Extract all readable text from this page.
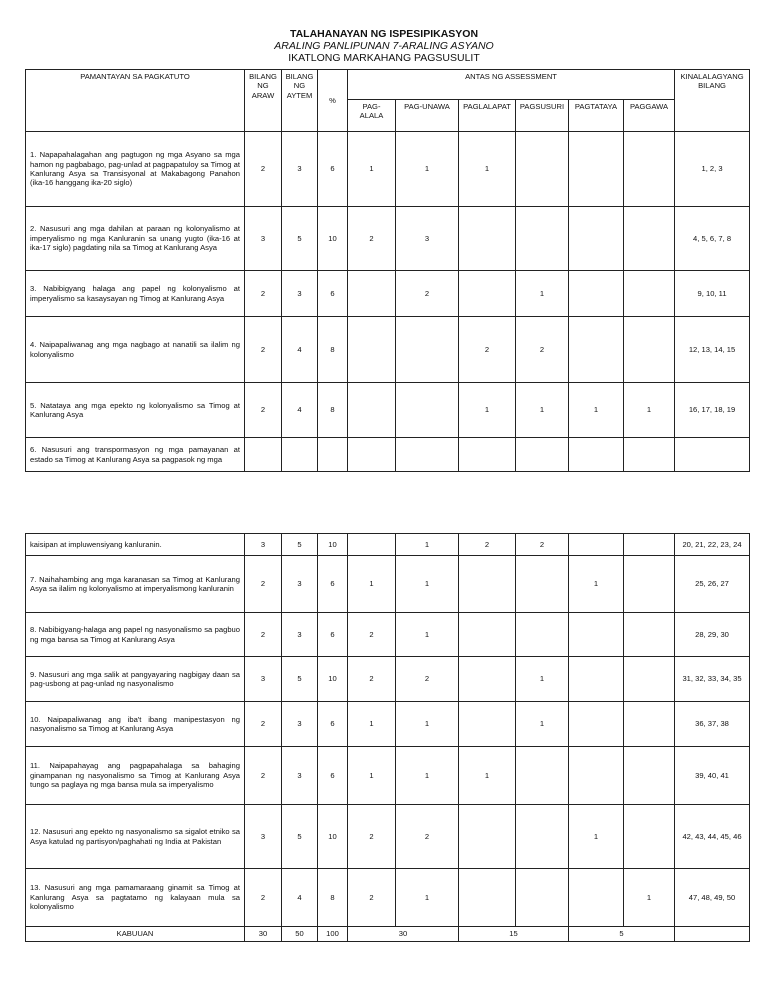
TALAHANAYAN NG ISPESIPIKASYON
ARALING PANLIPUNAN 7-ARALING ASYANO
IKATLONG MARKAHANG PAGSUSULIT
PAMANTAYAN SA PAGKATUTO	BILANG NG ARAW	BILANG NG AYTEM	%	ANTAS NG ASSESSMENT						KINALALAGYANG BILANG
				PAG-ALALA	PAG-UNAWA	PAGLALAPAT	PAGSUSURI	PAGTATAYA	PAGGAWA	
1. Napapahalagahan ang pagtugon ng mga Asyano sa mga hamon ng pagbabago, pag-unlad at pagpapatuloy sa Timog at Kanlurang Asya sa Transisyonal at Makabagong Panahon (ika-16 hanggang ika-20 siglo)	2	3	6	1	1	1				1, 2, 3
2. Nasusuri ang mga dahilan at paraan ng kolonyalismo at imperyalismo ng mga Kanluranin sa unang yugto (ika-16 at ika-17 siglo) pagdating nila sa Timog at Kanlurang Asya	3	5	10	2	3					4, 5, 6, 7, 8
3. Nabibigyang halaga ang papel ng kolonyalismo at imperyalismo sa kasaysayan ng Timog at Kanlurang Asya	2	3	6		2		1			9, 10, 11
4. Naipapaliwanag ang mga nagbago at nanatili sa ilalim ng kolonyalismo	2	4	8			2	2			12, 13, 14, 15
5. Natataya ang mga epekto ng kolonyalismo sa Timog at Kanlurang Asya	2	4	8			1	1	1	1	16, 17, 18, 19
6. Nasusuri ang transpormasyon ng mga pamayanan at estado sa Timog at Kanlurang Asya sa pagpasok ng mga										
kaisipan at impluwensiyang kanluranin.	3	5	10		1	2	2			20, 21, 22, 23, 24
7. Naihahambing ang mga karanasan sa Timog at Kanlurang Asya sa ilalim ng kolonyalismo at imperyalismong kanluranin	2	3	6	1	1			1		25, 26, 27
8. Nabibigyang-halaga ang papel ng nasyonalismo sa pagbuo ng mga bansa sa Timog at Kanlurang Asya	2	3	6	2	1					28, 29, 30
9. Nasusuri ang mga salik at pangyayaring nagbigay daan sa pag-usbong at pag-unlad ng nasyonalismo	3	5	10	2	2		1			31, 32, 33, 34, 35
10. Naipapaliwanag ang iba't ibang manipestasyon ng nasyonalismo sa Timog at Kanlurang Asya	2	3	6	1	1		1			36, 37, 38
11. Naipapahayag ang pagpapahalaga sa bahaging ginampanan ng nasyonalismo sa Timog at Kanlurang Asya tungo sa paglaya ng mga bansa mula sa imperyalismo	2	3	6	1	1	1				39, 40, 41
12. Nasusuri ang epekto ng nasyonalismo sa sigalot etniko sa Asya katulad ng partisyon/paghahati ng India at Pakistan	3	5	10	2	2			1		42, 43, 44, 45, 46
13. Nasusuri ang mga pamamaraang ginamit sa Timog at Kanlurang Asya sa pagtatamo ng kalayaan mula sa kolonyalismo	2	4	8	2	1				1	47, 48, 49, 50
KABUUAN	30	50	100	30		15		5		
